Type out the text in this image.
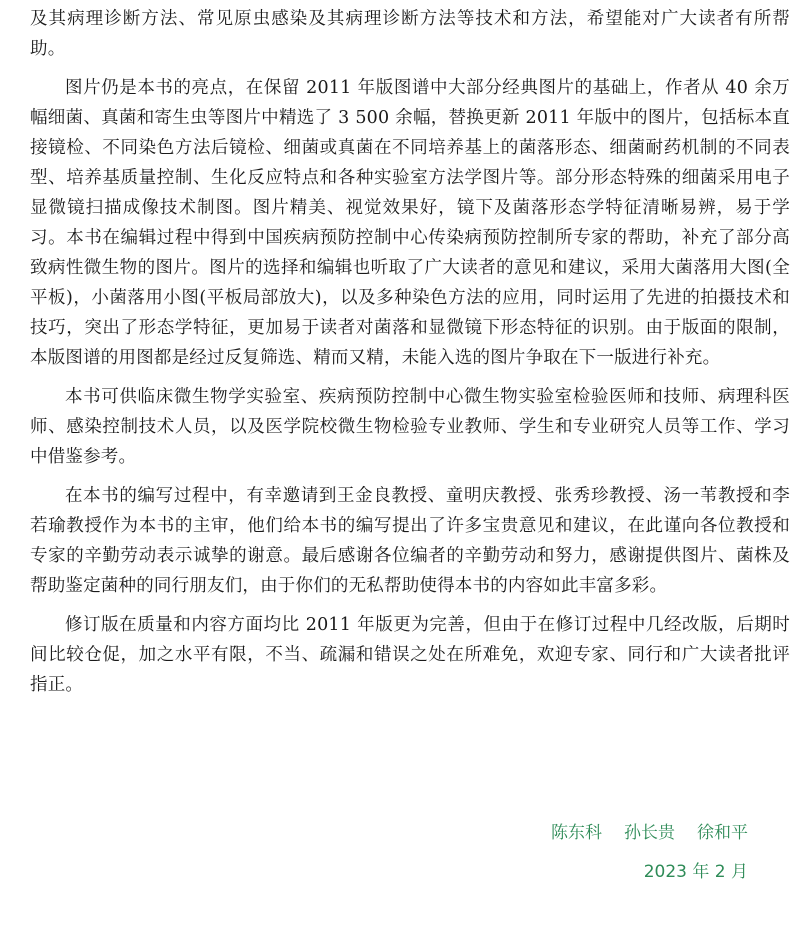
及其病理诊断方法、常见原虫感染及其病理诊断方法等技术和方法，希望能对广大读者有所帮助。

图片仍是本书的亮点，在保留 2011 年版图谱中大部分经典图片的基础上，作者从 40 余万幅细菌、真菌和寄生虫等图片中精选了 3 500 余幅，替换更新 2011 年版中的图片，包括标本直接镜检、不同染色方法后镜检、细菌或真菌在不同培养基上的菌落形态、细菌耐药机制的不同表型、培养基质量控制、生化反应特点和各种实验室方法学图片等。部分形态特殊的细菌采用电子显微镜扫描成像技术制图。图片精美、视觉效果好，镜下及菌落形态学特征清晰易辨，易于学习。本书在编辑过程中得到中国疾病预防控制中心传染病预防控制所专家的帮助，补充了部分高致病性微生物的图片。图片的选择和编辑也听取了广大读者的意见和建议，采用大菌落用大图(全平板)，小菌落用小图(平板局部放大)，以及多种染色方法的应用，同时运用了先进的拍摄技术和技巧，突出了形态学特征，更加易于读者对菌落和显微镜下形态特征的识别。由于版面的限制，本版图谱的用图都是经过反复筛选、精而又精，未能入选的图片争取在下一版进行补充。

本书可供临床微生物学实验室、疾病预防控制中心微生物实验室检验医师和技师、病理科医师、感染控制技术人员，以及医学院校微生物检验专业教师、学生和专业研究人员等工作、学习中借鉴参考。

在本书的编写过程中，有幸邀请到王金良教授、童明庆教授、张秀珍教授、汤一苇教授和李若瑜教授作为本书的主审，他们给本书的编写提出了许多宝贵意见和建议，在此谨向各位教授和专家的辛勤劳动表示诚挚的谢意。最后感谢各位编者的辛勤劳动和努力，感谢提供图片、菌株及帮助鉴定菌种的同行朋友们，由于你们的无私帮助使得本书的内容如此丰富多彩。

修订版在质量和内容方面均比 2011 年版更为完善，但由于在修订过程中几经改版，后期时间比较仓促，加之水平有限，不当、疏漏和错误之处在所难免，欢迎专家、同行和广大读者批评指正。

陈东科 孙长贵 徐和平
2023 年 2 月
